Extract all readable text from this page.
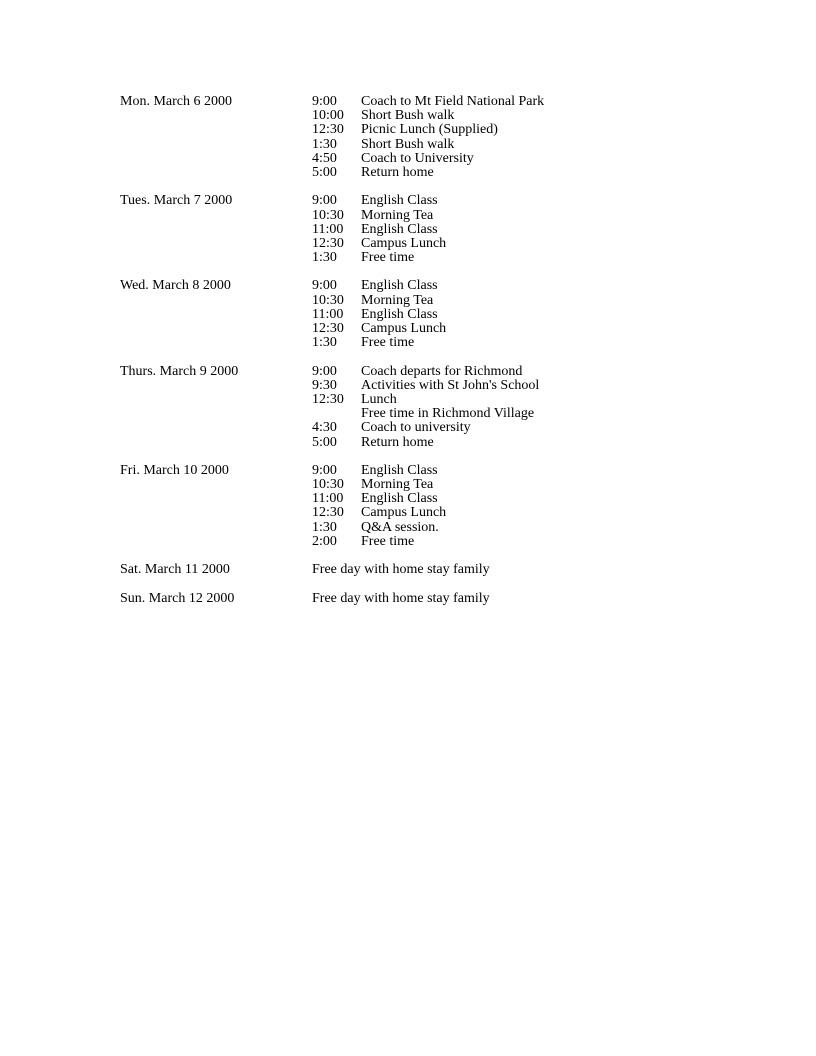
Mon. March 6 2000	9:00	Coach to Mt Field National Park
10:00	Short Bush walk
12:30	Picnic Lunch (Supplied)
1:30	Short Bush walk
4:50	Coach to University
5:00	Return home
Tues. March 7 2000	9:00	English Class
10:30	Morning Tea
11:00	English Class
12:30	Campus Lunch
1:30	Free time
Wed. March 8 2000	9:00	English Class
10:30	Morning Tea
11:00	English Class
12:30	Campus Lunch
1:30	Free time
Thurs. March 9 2000	9:00	Coach departs for Richmond
9:30	Activities with St John's School
12:30	Lunch
Free time in Richmond Village
4:30	Coach to university
5:00	Return home
Fri. March 10 2000	9:00	English Class
10:30	Morning Tea
11:00	English Class
12:30	Campus Lunch
1:30	Q&A session.
2:00	Free time
Sat. March 11 2000	Free day with home stay family
Sun. March 12 2000	Free day with home stay family
